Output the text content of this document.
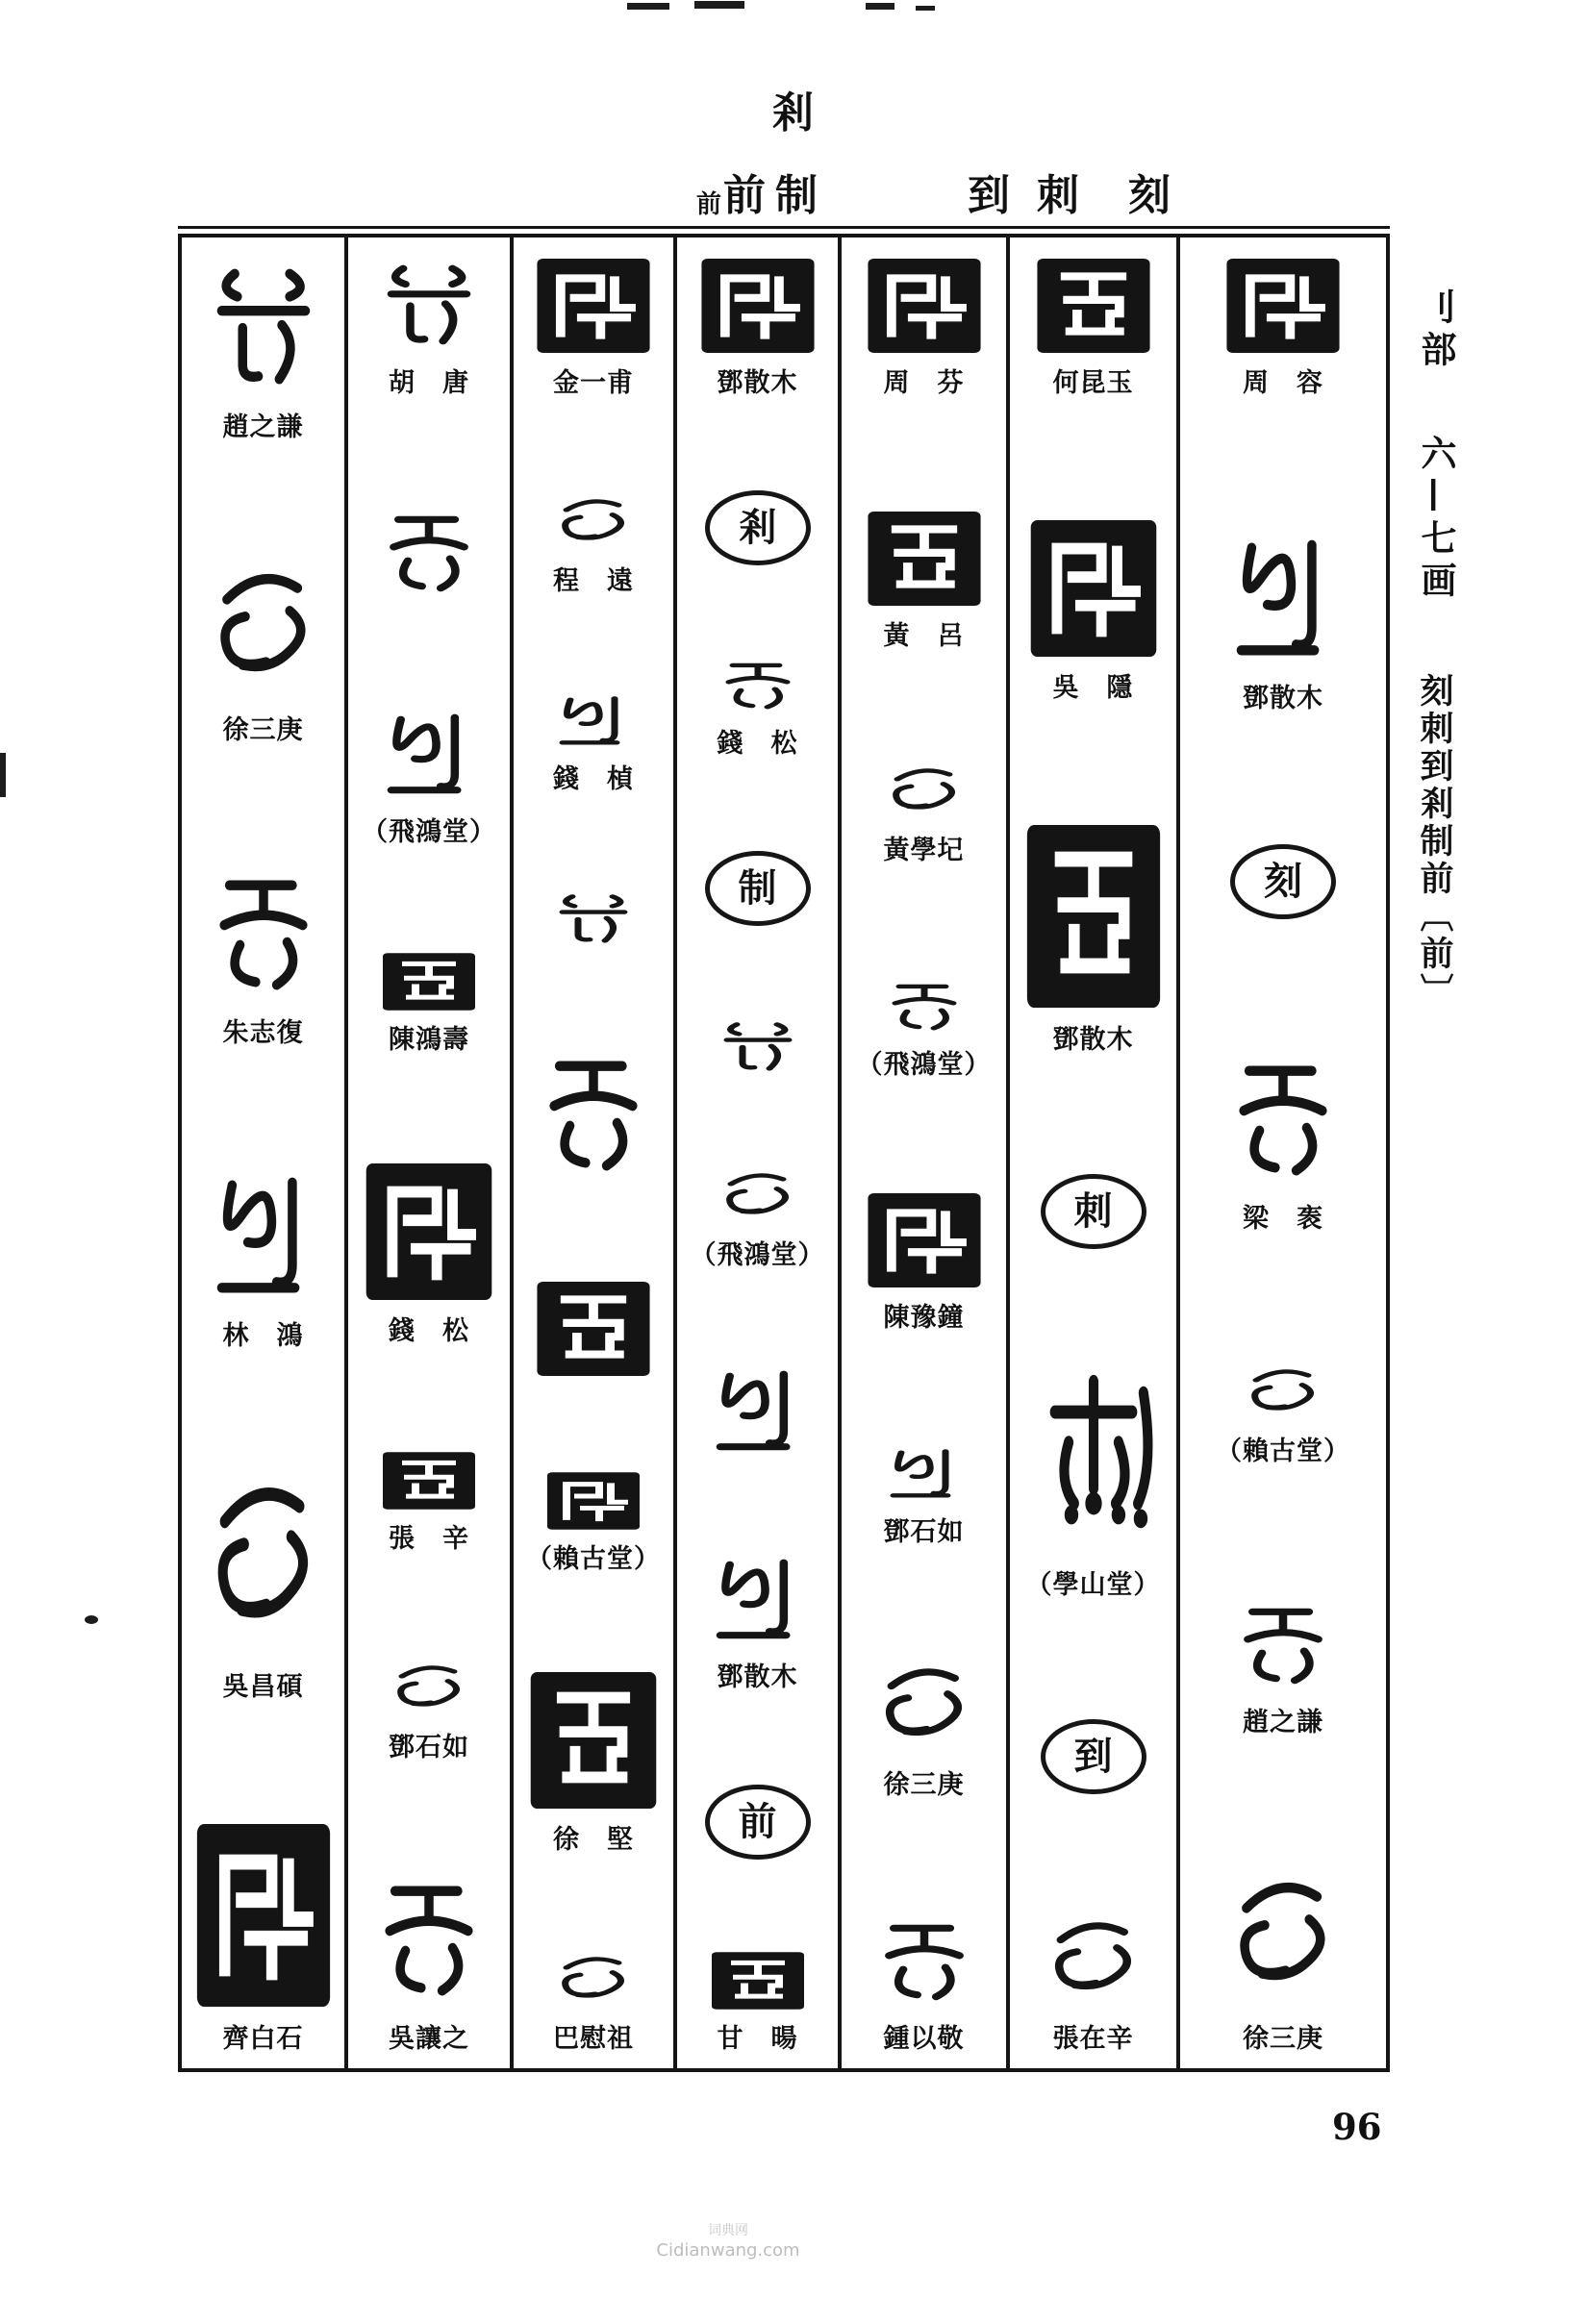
剎
前 前 制	到 刺 刻
趙之謙
徐三庚
朱志復
林　鴻
吳昌碩
齊白石
胡　唐
（飛鴻堂）
陳鴻壽
錢　松
張　辛
鄧石如
吳讓之
金一甫
程　遠
錢　楨
（賴古堂）
徐　堅
巴慰祖
鄧散木
剎
錢　松
制
（飛鴻堂）
鄧散木
前
甘　暘
周　芬
黃　呂
黃學圮
（飛鴻堂）
陳豫鐘
鄧石如
徐三庚
鍾以敬
何昆玉
吳　隱
鄧散木
刺
（學山堂）
到
張在辛
周　容
鄧散木
刻
梁　袠
（賴古堂）
趙之謙
徐三庚
刂部
六—七画
刻刺到剎制前〔前〕
96
词典网
Cidianwang.com
